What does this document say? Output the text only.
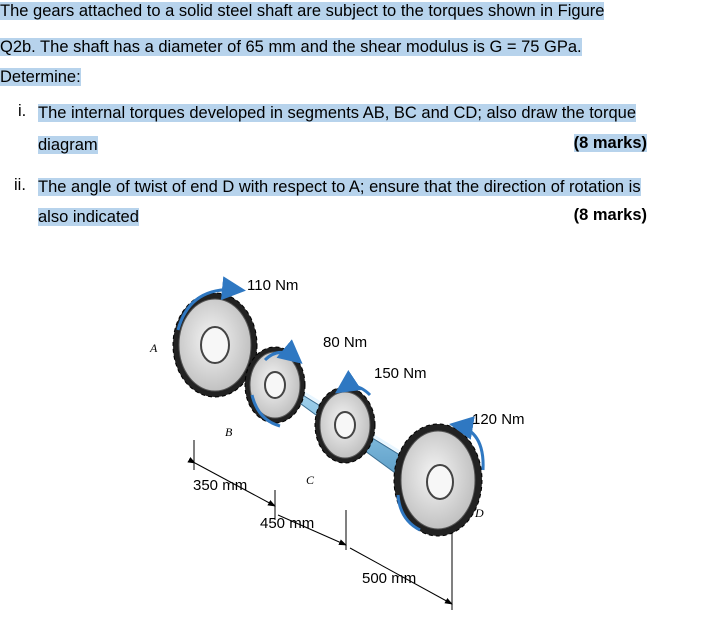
The gears attached to a solid steel shaft are subject to the torques shown in Figure
Q2b. The shaft has a diameter of 65 mm and the shear modulus is G = 75 GPa.
Determine:
i. The internal torques developed in segments AB, BC and CD; also draw the torque
diagram	(8 marks)
ii. The angle of twist of end D with respect to A; ensure that the direction of rotation is
also indicated	(8 marks)
110 Nm
80 Nm
150 Nm
120 Nm
A
B
C
D
350 mm
450 mm
500 mm
